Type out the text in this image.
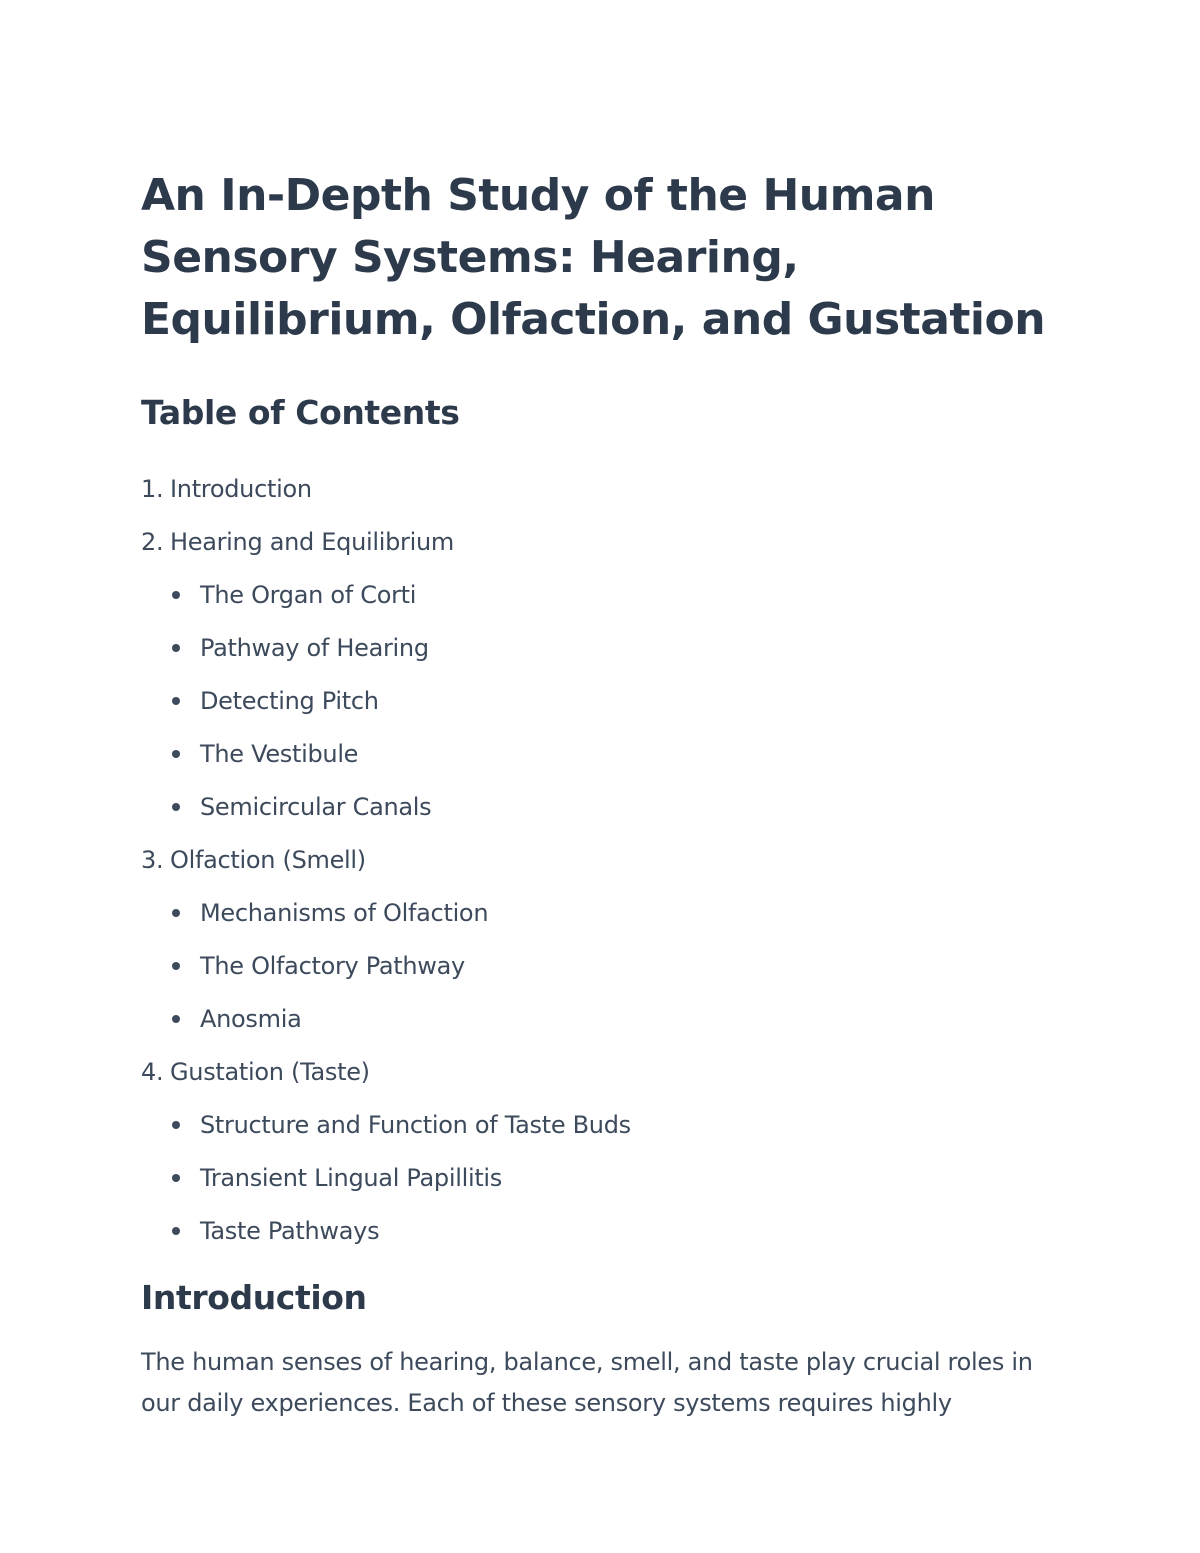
An In-Depth Study of the Human Sensory Systems: Hearing, Equilibrium, Olfaction, and Gustation
Table of Contents
1. Introduction
2. Hearing and Equilibrium
The Organ of Corti
Pathway of Hearing
Detecting Pitch
The Vestibule
Semicircular Canals
3. Olfaction (Smell)
Mechanisms of Olfaction
The Olfactory Pathway
Anosmia
4. Gustation (Taste)
Structure and Function of Taste Buds
Transient Lingual Papillitis
Taste Pathways
Introduction

The human senses of hearing, balance, smell, and taste play crucial roles in our daily experiences. Each of these sensory systems requires highly
